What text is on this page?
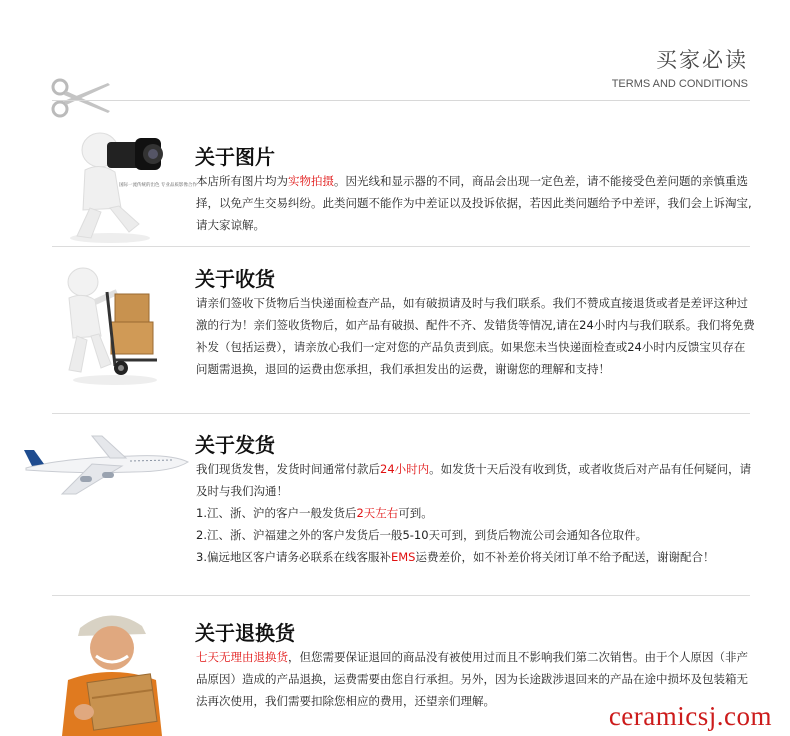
买家必读
TERMS AND CONDITIONS
国际一流传统的出色 专业品质影像合作
关于图片

本店所有图片均为实物拍摄。因光线和显示器的不同，商品会出现一定色差，请不能接受色差问题的亲慎重选择，以免产生交易纠纷。此类问题不能作为中差证以及投诉依据，若因此类问题给予中差评，我们会上诉淘宝,请大家谅解。

关于收货

请亲们签收下货物后当快递面检查产品，如有破损请及时与我们联系。我们不赞成直接退货或者是差评这种过激的行为！亲们签收货物后，如产品有破损、配件不齐、发错货等情况,请在24小时内与我们联系。我们将免费补发（包括运费），请亲放心我们一定对您的产品负责到底。如果您未当快递面检查或24小时内反馈宝贝存在问题需退换，退回的运费由您承担，我们承担发出的运费，谢谢您的理解和支持！

关于发货

我们现货发售，发货时间通常付款后24小时内。如发货十天后没有收到货，或者收货后对产品有任何疑问，请及时与我们沟通！

1.江、浙、沪的客户一般发货后2天左右可到。

2.江、浙、沪福建之外的客户发货后一般5-10天可到，到货后物流公司会通知各位取件。

3.偏远地区客户请务必联系在线客服补EMS运费差价，如不补差价将关闭订单不给予配送，谢谢配合！

关于退换货

七天无理由退换货，但您需要保证退回的商品没有被使用过而且不影响我们第二次销售。由于个人原因（非产品原因）造成的产品退换，运费需要由您自行承担。另外，因为长途跋涉退回来的产品在途中损坏及包装箱无法再次使用，我们需要扣除您相应的费用，还望亲们理解。	ceramicsj.com
